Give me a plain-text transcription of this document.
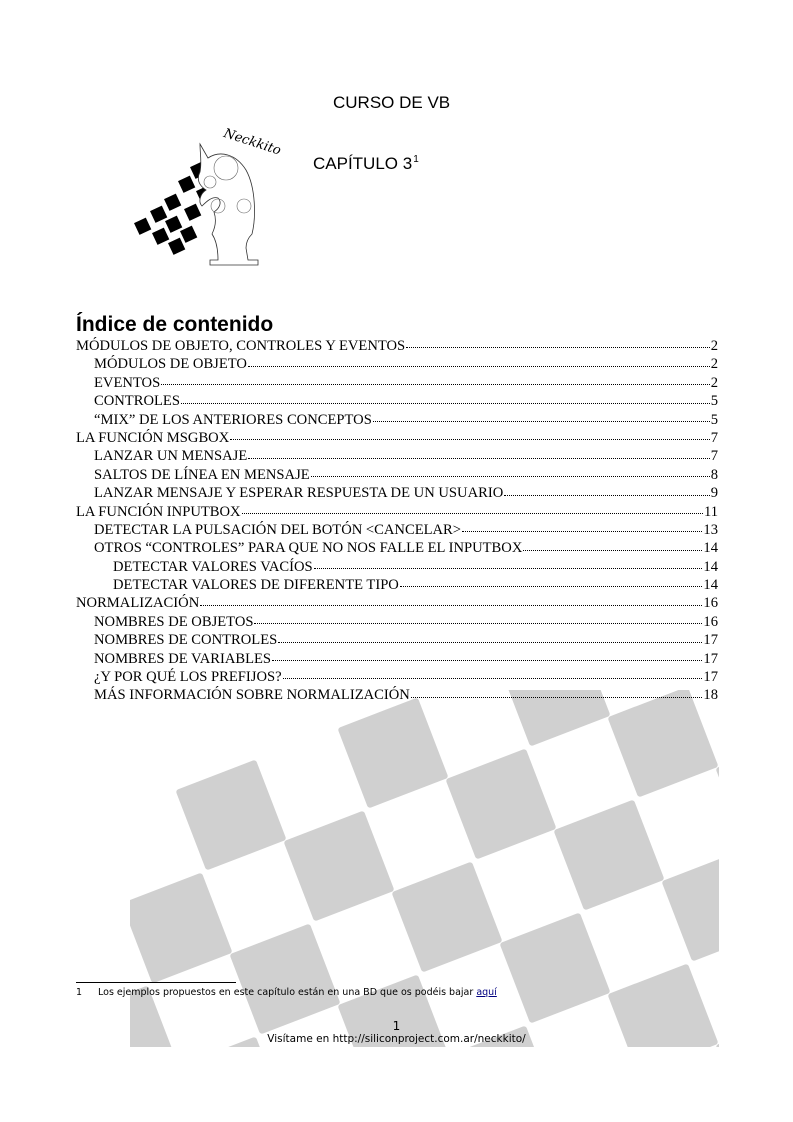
CURSO DE VB
CAPÍTULO $3^1$
Neckkito
Índice de contenido
MÓDULOS DE OBJETO, CONTROLES Y EVENTOS	2
MÓDULOS DE OBJETO	2
EVENTOS	2
CONTROLES	5
“MIX” DE LOS ANTERIORES CONCEPTOS	5
LA FUNCIÓN MSGBOX	7
LANZAR UN MENSAJE	7
SALTOS DE LÍNEA EN MENSAJE	8
LANZAR MENSAJE Y ESPERAR RESPUESTA DE UN USUARIO	9
LA FUNCIÓN INPUTBOX	11
DETECTAR LA PULSACIÓN DEL BOTÓN <CANCELAR>	13
OTROS “CONTROLES” PARA QUE NO NOS FALLE EL INPUTBOX	14
DETECTAR VALORES VACÍOS	14
DETECTAR VALORES DE DIFERENTE TIPO	14
NORMALIZACIÓN	16
NOMBRES DE OBJETOS	16
NOMBRES DE CONTROLES	17
NOMBRES DE VARIABLES	17
¿Y POR QUÉ LOS PREFIJOS?	17
MÁS INFORMACIÓN SOBRE NORMALIZACIÓN	18
1 Los ejemplos propuestos en este capítulo están en una BD que os podéis bajar aquí
1
Visítame en http://siliconproject.com.ar/neckkito/
